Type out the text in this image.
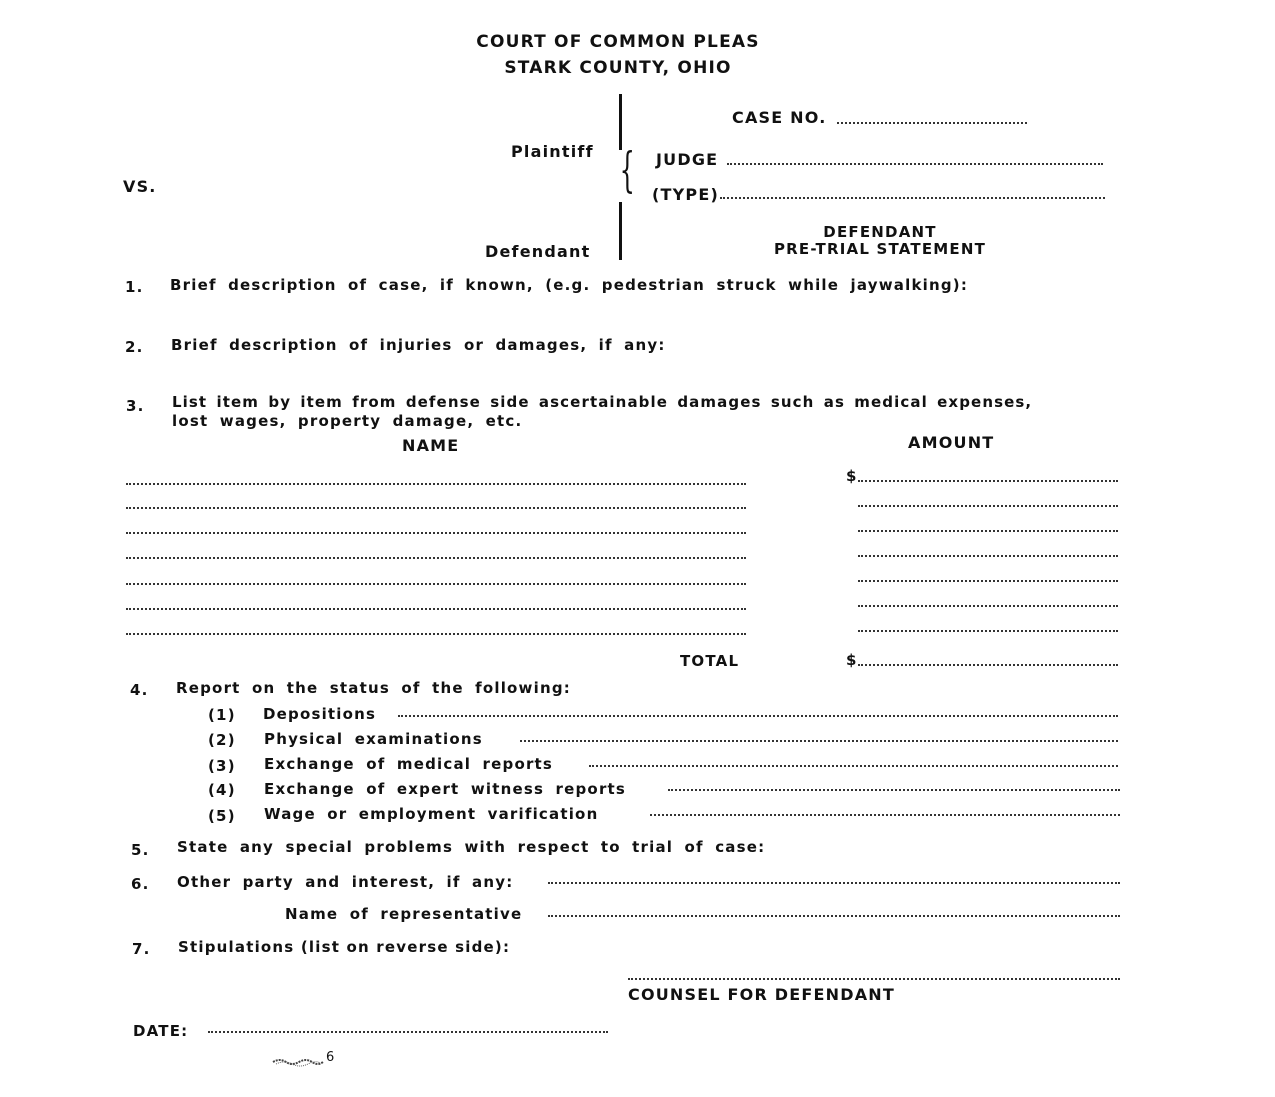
COURT OF COMMON PLEAS
STARK COUNTY, OHIO
Plaintiff
VS.
Defendant
{
CASE NO.
JUDGE
(TYPE)
DEFENDANT
PRE-TRIAL STATEMENT
1. Brief description of case, if known, (e.g. pedestrian struck while jaywalking):
2. Brief description of injuries or damages, if any:
3. List item by item from defense side ascertainable damages such as medical expenses,
lost wages, property damage, etc.
NAME	AMOUNT
$
TOTAL	$
4. Report on the status of the following:
(1) Depositions
(2) Physical examinations
(3) Exchange of medical reports
(4) Exchange of expert witness reports
(5) Wage or employment varification
5. State any special problems with respect to trial of case:
6. Other party and interest, if any:
Name of representative
7. Stipulations (list on reverse side):
COUNSEL FOR DEFENDANT
DATE:
6
